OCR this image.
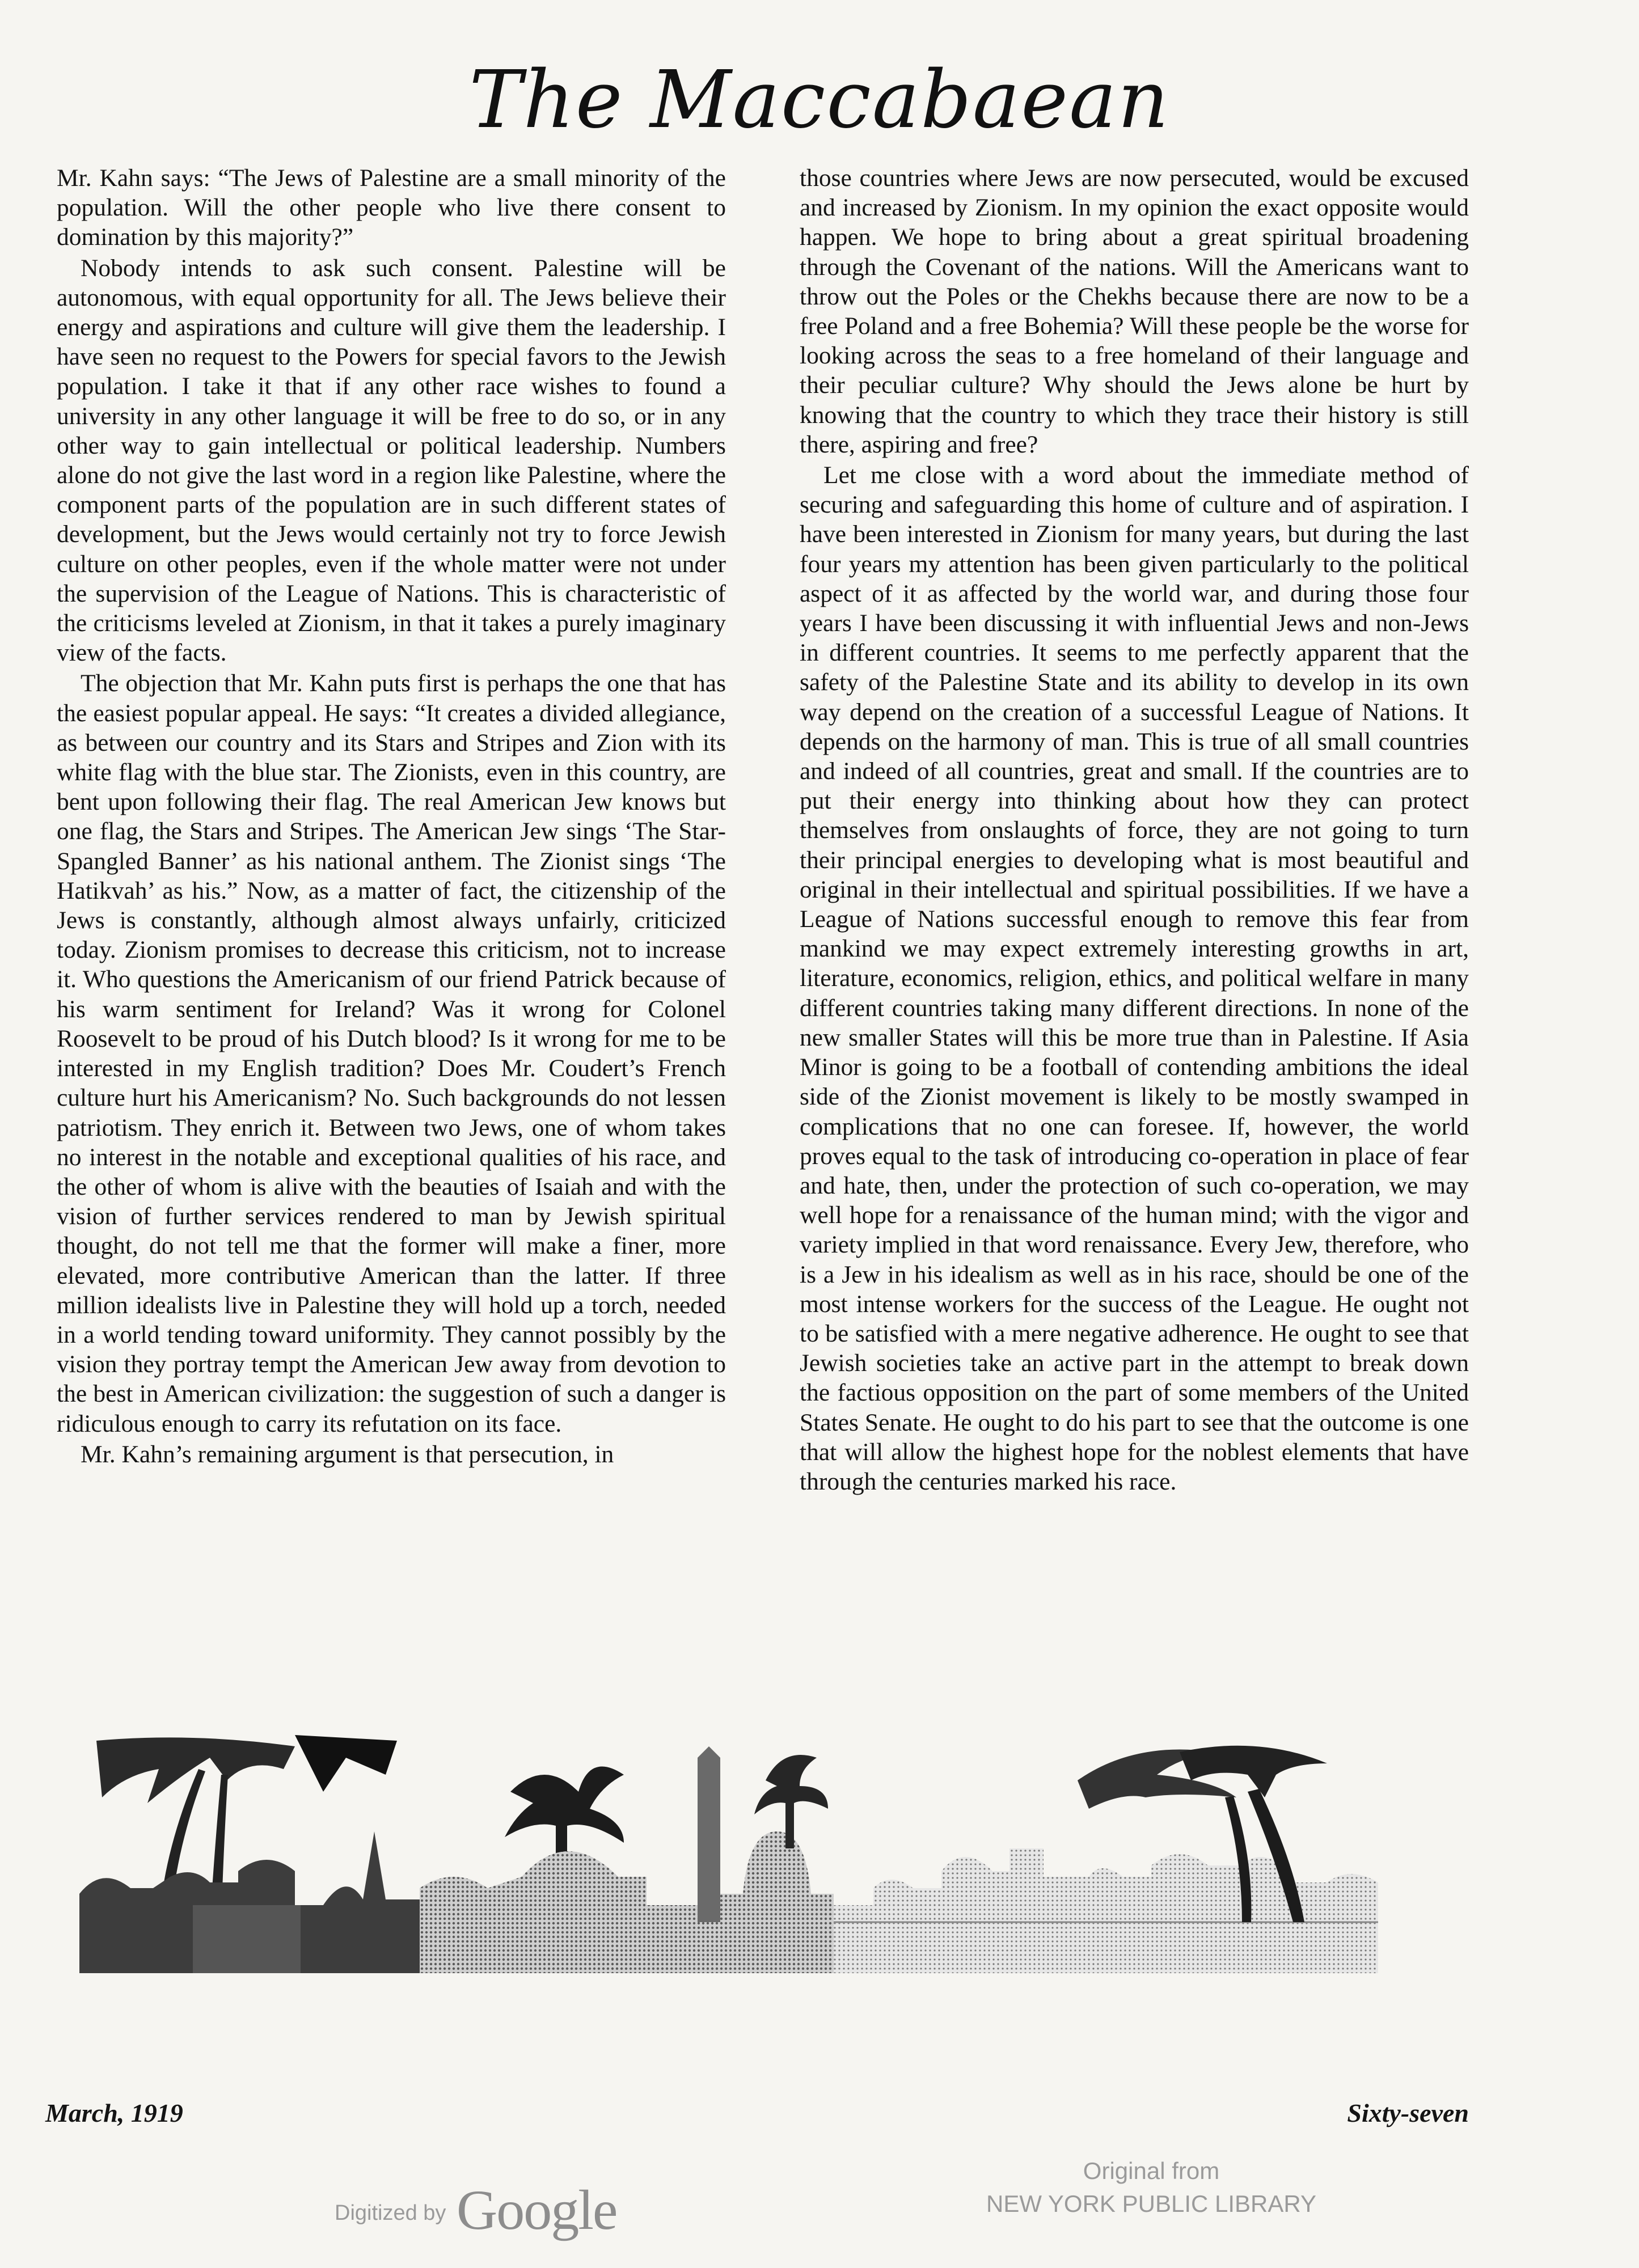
The Maccabaean

Mr. Kahn says: “The Jews of Palestine are a small minority of the population. Will the other people who live there consent to domination by this majority?”

Nobody intends to ask such consent. Palestine will be autonomous, with equal opportunity for all. The Jews believe their energy and aspirations and culture will give them the leadership. I have seen no request to the Powers for special favors to the Jewish population. I take it that if any other race wishes to found a university in any other language it will be free to do so, or in any other way to gain intellectual or political leadership. Numbers alone do not give the last word in a region like Palestine, where the component parts of the population are in such different states of development, but the Jews would certainly not try to force Jewish culture on other peoples, even if the whole matter were not under the supervision of the League of Nations. This is characteristic of the criticisms leveled at Zionism, in that it takes a purely imaginary view of the facts.

The objection that Mr. Kahn puts first is perhaps the one that has the easiest popular appeal. He says: “It creates a divided allegiance, as between our country and its Stars and Stripes and Zion with its white flag with the blue star. The Zionists, even in this country, are bent upon following their flag. The real American Jew knows but one flag, the Stars and Stripes. The American Jew sings ‘The Star-Spangled Banner’ as his national anthem. The Zionist sings ‘The Hatikvah’ as his.” Now, as a matter of fact, the citizenship of the Jews is constantly, although almost always unfairly, criticized today. Zionism promises to decrease this criticism, not to increase it. Who questions the Americanism of our friend Patrick because of his warm sentiment for Ireland? Was it wrong for Colonel Roosevelt to be proud of his Dutch blood? Is it wrong for me to be interested in my English tradition? Does Mr. Coudert’s French culture hurt his Americanism? No. Such backgrounds do not lessen patriotism. They enrich it. Between two Jews, one of whom takes no interest in the notable and exceptional qualities of his race, and the other of whom is alive with the beauties of Isaiah and with the vision of further services rendered to man by Jewish spiritual thought, do not tell me that the former will make a finer, more elevated, more contributive American than the latter. If three million idealists live in Palestine they will hold up a torch, needed in a world tending toward uniformity. They cannot possibly by the vision they portray tempt the American Jew away from devotion to the best in American civilization: the suggestion of such a danger is ridiculous enough to carry its refutation on its face.

Mr. Kahn’s remaining argument is that persecution, in

those countries where Jews are now persecuted, would be excused and increased by Zionism. In my opinion the exact opposite would happen. We hope to bring about a great spiritual broadening through the Covenant of the nations. Will the Americans want to throw out the Poles or the Chekhs because there are now to be a free Poland and a free Bohemia? Will these people be the worse for looking across the seas to a free homeland of their language and their peculiar culture? Why should the Jews alone be hurt by knowing that the country to which they trace their history is still there, aspiring and free?

Let me close with a word about the immediate method of securing and safeguarding this home of culture and of aspiration. I have been interested in Zionism for many years, but during the last four years my attention has been given particularly to the political aspect of it as affected by the world war, and during those four years I have been discussing it with influential Jews and non-Jews in different countries. It seems to me perfectly apparent that the safety of the Palestine State and its ability to develop in its own way depend on the creation of a successful League of Nations. It depends on the harmony of man. This is true of all small countries and indeed of all countries, great and small. If the countries are to put their energy into thinking about how they can protect themselves from onslaughts of force, they are not going to turn their principal energies to developing what is most beautiful and original in their intellectual and spiritual possibilities. If we have a League of Nations successful enough to remove this fear from mankind we may expect extremely interesting growths in art, literature, economics, religion, ethics, and political welfare in many different countries taking many different directions. In none of the new smaller States will this be more true than in Palestine. If Asia Minor is going to be a football of contending ambitions the ideal side of the Zionist movement is likely to be mostly swamped in complications that no one can foresee. If, however, the world proves equal to the task of introducing co-operation in place of fear and hate, then, under the protection of such co-operation, we may well hope for a renaissance of the human mind; with the vigor and variety implied in that word renaissance. Every Jew, therefore, who is a Jew in his idealism as well as in his race, should be one of the most intense workers for the success of the League. He ought not to be satisfied with a mere negative adherence. He ought to see that Jewish societies take an active part in the attempt to break down the factious opposition on the part of some members of the United States Senate. He ought to do his part to see that the outcome is one that will allow the highest hope for the noblest elements that have through the centuries marked his race.

March, 1919	Sixty-seven
Digitized by Google
Original from
NEW YORK PUBLIC LIBRARY
